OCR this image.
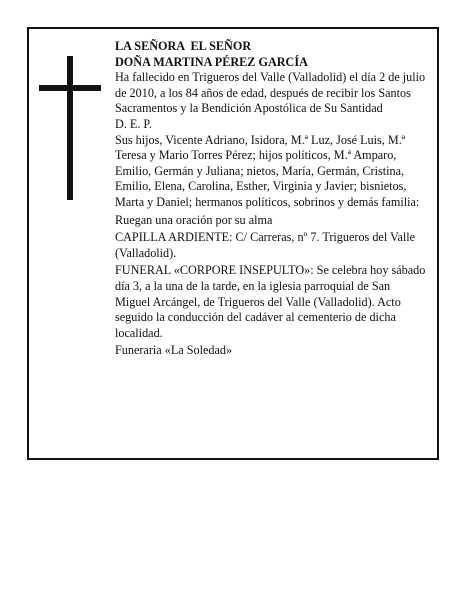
LA SEÑORA  EL SEÑOR

DOÑA MARTINA PÉREZ GARCÍA

Ha fallecido en Trigueros del Valle (Valladolid) el día 2 de julio de 2010, a los 84 años de edad, después de recibir los Santos Sacramentos y la Bendición Apostólica de Su Santidad

D. E. P.

Sus hijos, Vicente Adriano, Isidora, M.ª Luz, José Luis, M.ª Teresa y Mario Torres Pérez; hijos políticos, M.ª Amparo, Emilio, Germán y Juliana; nietos, María, Germán, Cristina, Emilio, Elena, Carolina, Esther, Virginia y Javier; bisnietos, Marta y Daniel; hermanos políticos, sobrinos y demás familia:

Ruegan una oración por su alma

CAPILLA ARDIENTE: C/ Carreras, nº 7. Trigueros del Valle (Valladolid).

FUNERAL «CORPORE INSEPULTO»: Se celebra hoy sábado día 3, a la una de la tarde, en la iglesia parroquial de San Miguel Arcángel, de Trigueros del Valle (Valladolid). Acto seguido la conducción del cadáver al cementerio de dicha localidad.

Funeraria «La Soledad»
